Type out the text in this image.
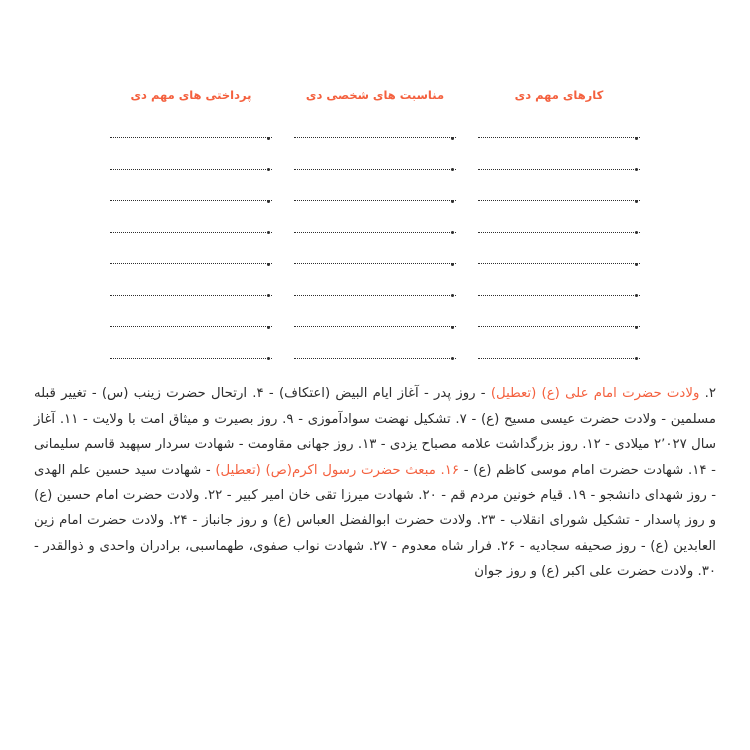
کارهای مهم دی
مناسبت های شخصی دی
پرداختی های مهم دی

۲. ولادت حضرت امام علی (ع) (تعطیل) - روز پدر - آغاز ایام البیض (اعتکاف) - ۴. ارتحال حضرت زینب (س) - تغییر قبله مسلمین - ولادت حضرت عیسی مسیح (ع) - ۷. تشکیل نهضت سوادآموزی - ۹. روز بصیرت و میثاق امت با ولایت - ۱۱. آغاز سال ۲٬۰۲۷ میلادی - ۱۲. روز بزرگداشت علامه مصباح یزدی - ۱۳. روز جهانی مقاومت - شهادت سردار سپهبد قاسم سلیمانی - ۱۴. شهادت حضرت امام موسی کاظم (ع) - ۱۶. مبعث حضرت رسول اکرم(ص) (تعطیل) - شهادت سید حسین علم الهدی - روز شهدای دانشجو - ۱۹. قیام خونین مردم قم - ۲۰. شهادت میرزا تقی خان امیر کبیر - ۲۲. ولادت حضرت امام حسین (ع) و روز پاسدار - تشکیل شورای انقلاب - ۲۳. ولادت حضرت ابوالفضل العباس (ع) و روز جانباز - ۲۴. ولادت حضرت امام زین العابدین (ع) - روز صحیفه سجادیه - ۲۶. فرار شاه معدوم - ۲۷. شهادت نواب صفوی، طهماسبی، برادران واحدی و ذوالقدر - ۳۰. ولادت حضرت علی اکبر (ع) و روز جوان
